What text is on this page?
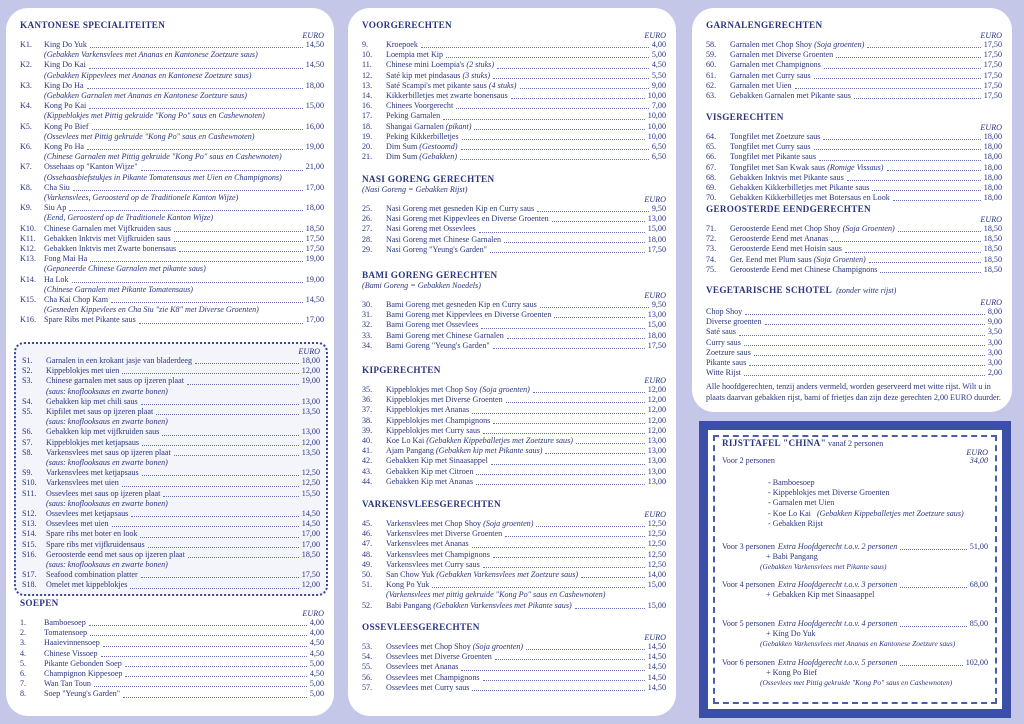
KANTONESE SPECIALITEITEN
EURO
K1.	King Do Yuk	14,50
(Gebakken Varkensvlees met Ananas en Kantonese Zoetzure saus)
K2.	King Do Kai	14,50
(Gebakken Kippevlees met Ananas en Kantonese Zoetzure saus)
K3.	King Do Ha	18,00
(Gebakken Garnalen met Ananas en Kantonese Zoetzure saus)
K4.	Kong Po Kai	15,00
(Kippeblokjes met Pittig gekruide "Kong Po" saus en Cashewnoten)
K5.	Kong Po Bief	16,00
(Ossevlees met Pittig gekruide "Kong Po" saus en Cashewnoten)
K6.	Kong Po Ha	19,00
(Chinese Garnalen met Pittig gekruide "Kong Po" saus en Cashewnoten)
K7.	Ossehaas op "Kanton Wijze"	21,00
(Ossehaasbiefstukjes in Pikante Tomatensaus met Uien en Champignons)
K8.	Cha Siu	17,00
(Varkensvlees, Geroosterd op de Traditionele Kanton Wijze)
K9.	Siu Ap	18,00
(Eend, Geroosterd op de Traditionele Kanton Wijze)
K10. Chinese Garnalen met Vijfkruiden saus	18,50
K11.	Gebakken Inktvis met Vijfkruiden saus	17,50
K12. Gebakken Inktvis met Zwarte bonensaus	17,50
K13. Fong Mai Ha	19,00
(Gepaneerde Chinese Garnalen met pikante saus)
K14. Ha Lok	19,00
(Chinese Garnalen met Pikante Tomatensaus)
K15. Cha Kai Chop Kam	14,50
(Gesneden Kippevlees en Cha Siu "zie K8" met Diverse Groenten)
K16. Spare Ribs met Pikante saus	17,00
EURO
S1.	Garnalen in een krokant jasje van bladerdeeg	18,00
S2.	Kippeblokjes met uien	12,00
S3.	Chinese garnalen met saus op ijzeren plaat	19,00
(saus: knoflooksaus en zwarte bonen)
S4.	Gebakken kip met chili saus	13,00
S5.	Kipfilet met saus op ijzeren plaat	13,50
(saus: knoflooksaus en zwarte bonen)
S6.	Gebakken kip met vijfkruiden saus	13,00
S7.	Kippeblokjes met ketjapsaus	12,00
S8.	Varkensvlees met saus op ijzeren plaat	13,50
(saus: knoflooksaus en zwarte bonen)
S9.	Varkensvlees met ketjapsaus	12,50
S10.	Varkensvlees met uien	12,50
S11.	Ossevlees met saus op ijzeren plaat	15,50
(saus: knoflooksaus en zwarte bonen)
S12.	Ossevlees met ketjapsaus	14,50
S13.	Ossevlees met uien	14,50
S14.	Spare ribs met boter en look	17,00
S15.	Spare ribs met vijfkruidensaus	17,00
S16.	Geroosterde eend met saus op ijzeren plaat	18,50
(saus: knoflooksaus en zwarte bonen)
S17.	Seafood combination platter	17,50
S18.	Omelet met kippeblokjes	12,00
SOEPEN
EURO
1.	Bamboesoep	4,00
2.	Tomatensoep	4,00
3.	Haaievinnensoep	4,50
4.	Chinese Vissoep	4,50
5.	Pikante Gebonden Soep	5,00
6.	Champignon Kippesoep	4,50
7.	Wan Tan Toun	5,00
8.	Soep "Yeung's Garden"	5,00
VOORGERECHTEN
EURO
9.	Kroepoek	4,00
10.	Loempia met Kip	5,00
11.	Chinese mini Loempia's (2 stuks)	4,50
12.	Saté kip met pindasaus (3 stuks)	5,50
13.	Saté Scampi's met pikante saus (4 stuks)	9,00
14.	Kikkerbilletjes met zwarte bonensaus	10,00
16.	Chinees Voorgerecht	7,00
17.	Peking Garnalen	10,00
18.	Shangai Garnalen (pikant)	10,00
19.	Peking Kikkerbilletjes	10,00
20.	Dim Sum (Gestoomd)	6,50
21.	Dim Sum (Gebakken)	6,50
NASI GORENG GERECHTEN
(Nasi Goreng = Gebakken Rijst)
EURO
25.	Nasi Goreng met gesneden Kip en Curry saus	9,50
26.	Nasi Goreng met Kippevlees en Diverse Groenten	13,00
27.	Nasi Goreng met Ossevlees	15,00
28.	Nasi Goreng met Chinese Garnalen	18,00
29.	Nasi Goreng "Yeung's Garden"	17,50
BAMI GORENG GERECHTEN
(Bami Goreng = Gebakken Noedels)
EURO
30.	Bami Goreng met gesneden Kip en Curry saus	9,50
31.	Bami Goreng met Kippevlees en Diverse Groenten	13,00
32.	Bami Goreng met Ossevlees	15,00
33.	Bami Goreng met Chinese Garnalen	18,00
34.	Bami Goreng "Yeung's Garden"	17,50
KIPGERECHTEN
EURO
35.	Kippeblokjes met Chop Soy (Soja groenten)	12,00
36.	Kippeblokjes met Diverse Groenten	12,00
37.	Kippeblokjes met Ananas	12,00
38.	Kippeblokjes met Champignons	12,00
39.	Kippeblokjes met Curry saus	12,00
40.	Koe Lo Kai (Gebakken Kippeballetjes met Zoetzure saus)	13,00
41.	Ajam Pangang (Gebakken kip met Pikante saus)	13,00
42.	Gebakken Kip met Sinaasappel	13,00
43.	Gebakken Kip met Citroen	13,00
44.	Gebakken Kip met Ananas	13,00
VARKENSVLEESGERECHTEN
EURO
45.	Varkensvlees met Chop Shoy (Soja groenten)	12,50
46.	Varkensvlees met Diverse Groenten	12,50
47.	Varkensvlees met Ananas	12,50
48.	Varkensvlees met Champignons	12,50
49.	Varkensvlees met Curry saus	12,50
50.	San Chow Yuk (Gebakken Varkensvlees met Zoetzure saus)	14,00
51.	Kong Po Yuk	15,00
(Varkensvlees met pittig gekruide "Kong Po" saus en Cashewnoten)
52.	Babi Pangang (Gebakken Varkensvlees met Pikante saus)	15,00
OSSEVLEESGERECHTEN
EURO
53.	Ossevlees met Chop Shoy (Soja groenten)	14,50
54.	Ossevlees met Diverse Groenten	14,50
55.	Ossevlees met Ananas	14,50
56.	Ossevlees met Champignons	14,50
57.	Ossevlees met Curry saus	14,50
GARNALENGERECHTEN
EURO
58.	Garnalen met Chop Shoy (Soja groenten)	17,50
59.	Garnalen met Diverse Groenten	17,50
60.	Garnalen met Champignons	17,50
61.	Garnalen met Curry saus	17,50
62.	Garnalen met Uien	17,50
63.	Gebakken Garnalen met Pikante saus	17,50
VISGERECHTEN
EURO
64.	Tongfilet met Zoetzure saus	18,00
65.	Tongfilet met Curry saus	18,00
66.	Tongfilet met Pikante saus	18,00
67.	Tongfilet met San Kwak saus (Romige Vissaus)	18,00
68.	Gebakken Inktvis met Pikante saus	18,00
69.	Gebakken Kikkerbilletjes met Pikante saus	18,00
70.	Gebakken Kikkerbilletjes met Botersaus en Look	18,00
GEROOSTERDE EENDGERECHTEN
EURO
71.	Geroosterde Eend met Chop Shoy (Soja Groenten)	18,50
72.	Geroosterde Eend met Ananas	18,50
73.	Geroosterde Eend met Hoisin saus	18,50
74.	Ger. Eend met Plum saus (Soja Groenten)	18,50
75.	Geroosterde Eend met Chinese Champignons	18,50
VEGETARISCHE SCHOTEL (zonder witte rijst)
EURO
Chop Shoy	8,00
Diverse groenten	9,00
Saté saus	3,50
Curry saus	3,00
Zoetzure saus	3,00
Pikante saus	3,00
Witte Rijst	2,00
Alle hoofdgerechten, tenzij anders vermeld, worden geserveerd met witte rijst. Wilt u in plaats daarvan gebakken rijst, bami of frietjes dan zijn deze gerechten 2,00 EURO duurder.
RIJSTTAFEL "CHINA" vanaf 2 personen
EURO
Voor 2 personen	34,00
- Bamboesoep
- Kippeblokjes met Diverse Groenten
- Garnalen met Uien
- Koe Lo Kai (Gebakken Kippeballetjes met Zoetzure saus)
- Gebakken Rijst
Voor 3 personen Extra Hoofdgerecht t.o.v. 2 personen	51,00
+ Babi Pangang
(Gebakken Varkensvlees met Pikante saus)
Voor 4 personen Extra Hoofdgerecht t.o.v. 3 personen	68,00
+ Gebakken Kip met Sinaasappel
Voor 5 personen Extra Hoofdgerecht t.o.v. 4 personen	85,00
+ King Do Yuk
(Gebakken Varkensvlees met Ananas en Kantonese Zoetzure saus)
Voor 6 personen Extra Hoofdgerecht t.o.v. 5 personen	102,00
+ Kong Po Bief
(Ossevlees met Pittig gekruide "Kong Po" saus en Cashewnoten)
